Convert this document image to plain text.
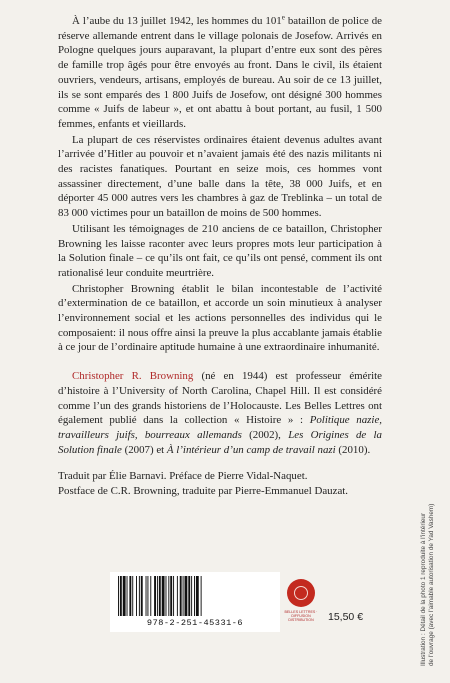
À l’aube du 13 juillet 1942, les hommes du 101e bataillon de police de réserve allemande entrent dans le village polonais de Josefow. Arrivés en Pologne quelques jours auparavant, la plupart d’entre eux sont des pères de famille trop âgés pour être envoyés au front. Dans le civil, ils étaient ouvriers, vendeurs, artisans, employés de bureau. Au soir de ce 13 juillet, ils se sont emparés des 1 800 Juifs de Josefow, ont désigné 300 hommes comme « Juifs de labeur », et ont abattu à bout portant, au fusil, 1 500 femmes, enfants et vieillards.

La plupart de ces réservistes ordinaires étaient devenus adultes avant l’arrivée d’Hitler au pouvoir et n’avaient jamais été des nazis militants ni des racistes fanatiques. Pourtant en seize mois, ces hommes vont assassiner directement, d’une balle dans la tête, 38 000 Juifs, et en déporter 45 000 autres vers les chambres à gaz de Treblinka – un total de 83 000 victimes pour un bataillon de moins de 500 hommes.

Utilisant les témoignages de 210 anciens de ce bataillon, Christopher Browning les laisse raconter avec leurs propres mots leur participation à la Solution finale – ce qu’ils ont fait, ce qu’ils ont pensé, comment ils ont rationalisé leur conduite meurtrière.

Christopher Browning établit le bilan incontestable de l’activité d’extermination de ce bataillon, et accorde un soin minutieux à analyser l’environnement social et les actions personnelles des individus qui le composaient: il nous offre ainsi la preuve la plus accablante jamais établie à ce jour de l’ordinaire aptitude humaine à une extraordinaire inhumanité.

Christopher R. Browning (né en 1944) est professeur émérite d’histoire à l’University of North Carolina, Chapel Hill. Il est considéré comme l’un des grands historiens de l’Holocauste. Les Belles Lettres ont également publié dans la collection « Histoire » : Politique nazie, travailleurs juifs, bourreaux allemands (2002), Les Origines de la Solution finale (2007) et À l’intérieur d’un camp de travail nazi (2010).

Traduit par Élie Barnavi. Préface de Pierre Vidal-Naquet.
Postface de C.R. Browning, traduite par Pierre-Emmanuel Dauzat.

Illustration : Détail de la photo 1 reproduite à l’intérieur de l’ouvrage (avec l’aimable autorisation de Yad Vashem)
978-2-251-45331-6
BELLES LETTRES · DIFFUSION DISTRIBUTION	15,50 €
